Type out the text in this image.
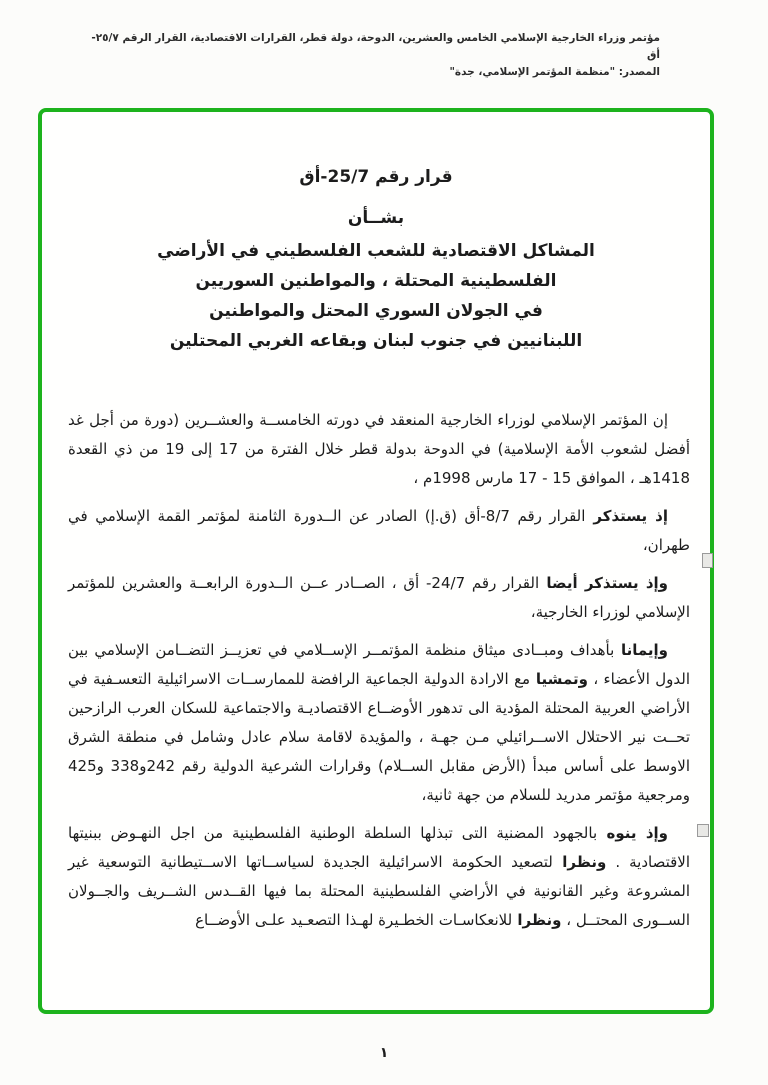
مؤتمر وزراء الخارجية الإسلامي الخامس والعشرين، الدوحة، دولة قطر، القرارات الاقتصادية، القرار الرقم ٢٥/٧-أق
المصدر: "منظمة المؤتمر الإسلامي، جدة"
قرار رقم 25/7-أق
بشــأن
المشاكل الاقتصادية للشعب الفلسطيني في الأراضي
الفلسطينية المحتلة ، والمواطنين السوريين
في الجولان السوري المحتل والمواطنين
اللبنانيين في جنوب لبنان وبقاعه الغربي المحتلين

إن المؤتمر الإسلامي لوزراء الخارجية المنعقد في دورته الخامســة والعشــرين (دورة من أجل غد أفضل لشعوب الأمة الإسلامية) في الدوحة بدولة قطر خلال الفترة من 17 إلى 19 من ذي القعدة 1418هـ ، الموافق 15 - 17 مارس 1998م ،

إذ يستذكر القرار رقم 8/7-أق (ق.إ) الصادر عن الــدورة الثامنة لمؤتمر القمة الإسلامي في طهران،

وإذ يستذكر أيضا القرار رقم 24/7- أق ، الصــادر عــن الــدورة الرابعــة والعشرين للمؤتمر الإسلامي لوزراء الخارجية،

وإيمانا بأهداف ومبــادى ميثاق منظمة المؤتمــر الإســلامي في تعزيــز التضــامن الإسلامي بين الدول الأعضاء ، وتمشيا مع الارادة الدولية الجماعية الرافضة للممارســات الاسرائيلية التعسـفية في الأراضي العربية المحتلة المؤدية الى تدهور الأوضــاع الاقتصاديـة والاجتماعية للسكان العرب الرازحين تحــت نير الاحتلال الاســرائيلي مـن جهـة ، والمؤيدة لاقامة سلام عادل وشامل في منطقة الشرق الاوسط على أساس مبدأ (الأرض مقابل الســلام) وقرارات الشرعية الدولية رقم 242و338 و425 ومرجعية مؤتمر مدريد للسلام من جهة ثانية،

وإذ ينوه بالجهود المضنية التى تبذلها السلطة الوطنية الفلسطينية من اجل النهـوض ببنيتها الاقتصادية . ونظرا لتصعيد الحكومة الاسرائيلية الجديدة لسياســاتها الاســتيطانية التوسعية غير المشروعة وغير القانونية في الأراضي الفلسطينية المحتلة بما فيها القــدس الشــريف والجــولان الســورى المحتــل ، ونظرا للانعكاسـات الخطـيرة لهـذا التصعـيد علـى الأوضــاع

١
